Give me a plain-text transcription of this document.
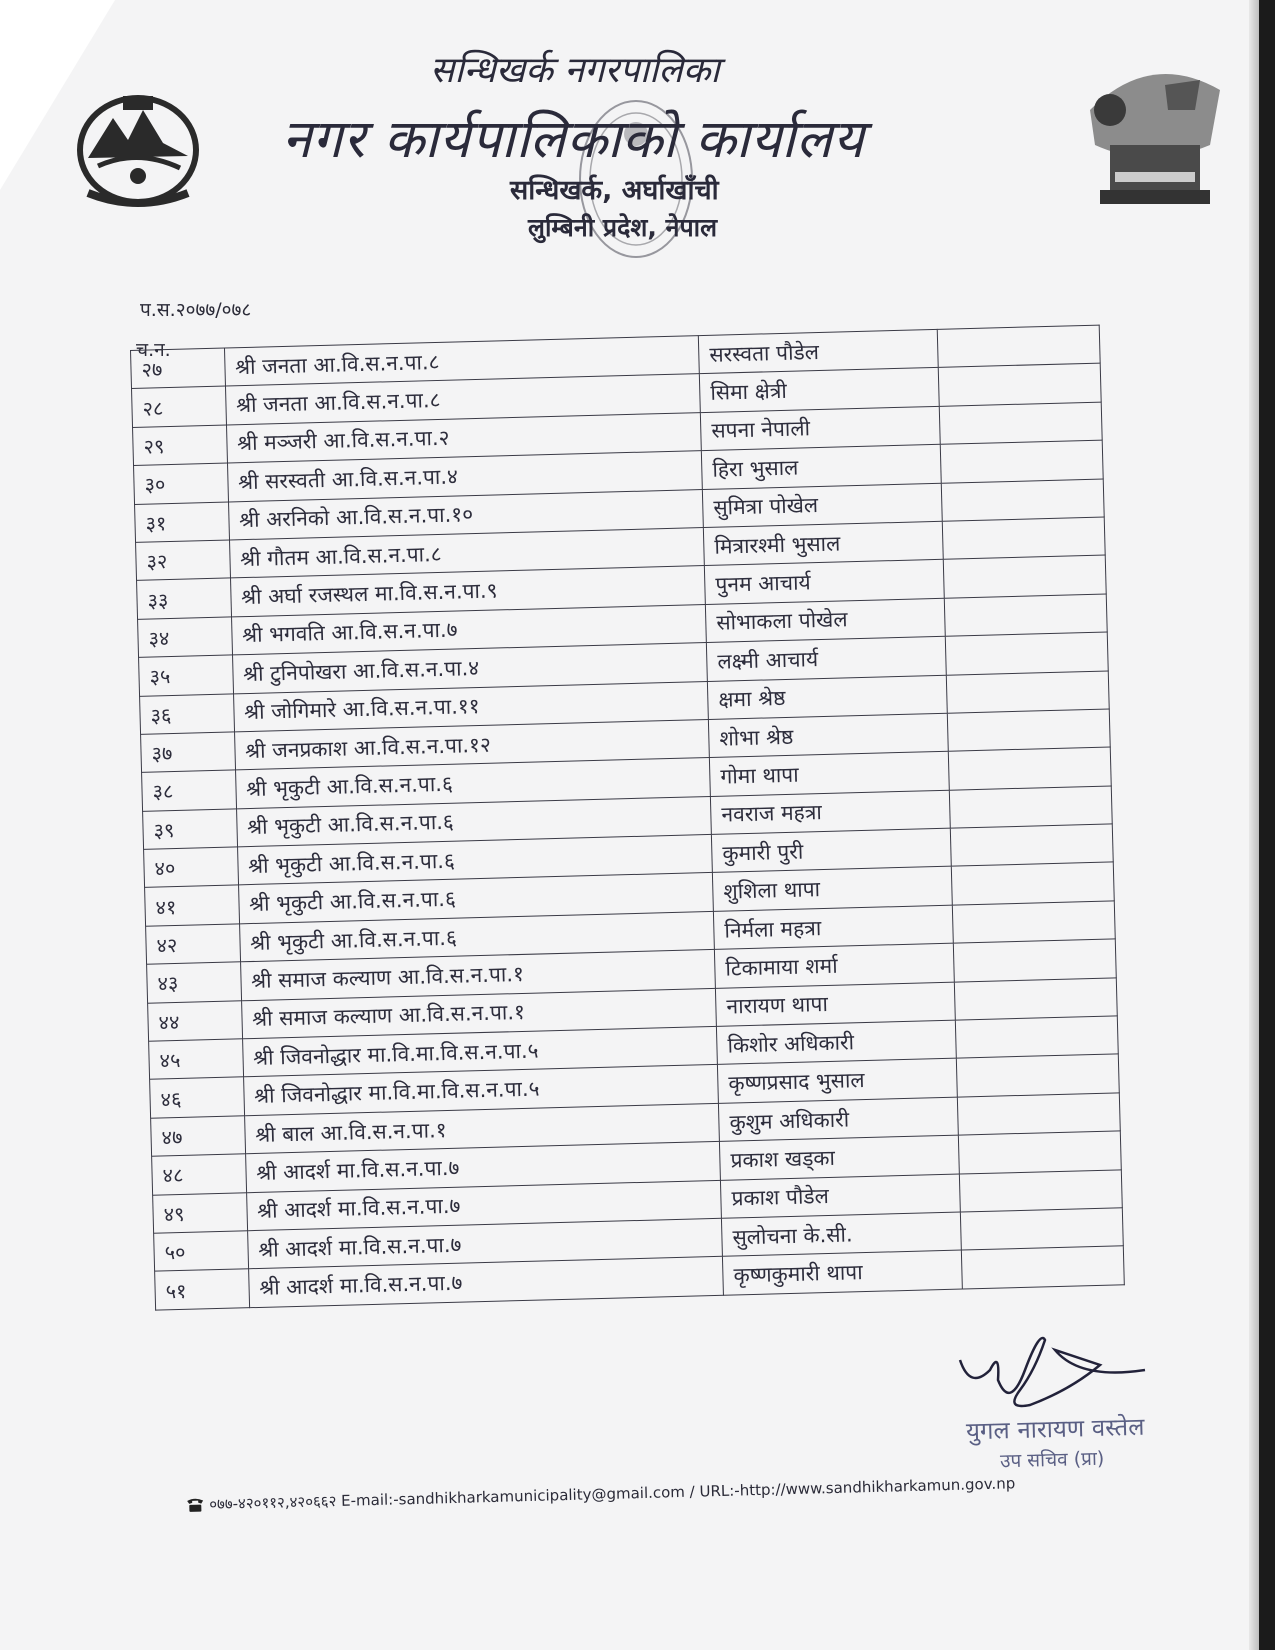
सन्धिखर्क नगरपालिका
नगर कार्यपालिकाको कार्यालय
सन्धिखर्क, अर्घाखाँची
लुम्बिनी प्रदेश, नेपाल
प.स.२०७७/०७८
च.न.
२७	श्री जनता आ.वि.स.न.पा.८	सरस्वता पौडेल	
२८	श्री जनता आ.वि.स.न.पा.८	सिमा क्षेत्री	
२९	श्री मञ्जरी आ.वि.स.न.पा.२	सपना नेपाली	
३०	श्री सरस्वती आ.वि.स.न.पा.४	हिरा भुसाल	
३१	श्री अरनिको आ.वि.स.न.पा.१०	सुमित्रा पोखेल	
३२	श्री गौतम आ.वि.स.न.पा.८	मित्रारश्मी भुसाल	
३३	श्री अर्घा रजस्थल मा.वि.स.न.पा.९	पुनम आचार्य	
३४	श्री भगवति आ.वि.स.न.पा.७	सोभाकला पोखेल	
३५	श्री टुनिपोखरा आ.वि.स.न.पा.४	लक्ष्मी आचार्य	
३६	श्री जोगिमारे आ.वि.स.न.पा.११	क्षमा श्रेष्ठ	
३७	श्री जनप्रकाश आ.वि.स.न.पा.१२	शोभा श्रेष्ठ	
३८	श्री भृकुटी आ.वि.स.न.पा.६	गोमा थापा	
३९	श्री भृकुटी आ.वि.स.न.पा.६	नवराज महत्रा	
४०	श्री भृकुटी आ.वि.स.न.पा.६	कुमारी पुरी	
४१	श्री भृकुटी आ.वि.स.न.पा.६	शुशिला थापा	
४२	श्री भृकुटी आ.वि.स.न.पा.६	निर्मला महत्रा	
४३	श्री समाज कल्याण आ.वि.स.न.पा.१	टिकामाया शर्मा	
४४	श्री समाज कल्याण आ.वि.स.न.पा.१	नारायण थापा	
४५	श्री जिवनोद्धार मा.वि.मा.वि.स.न.पा.५	किशोर अधिकारी	
४६	श्री जिवनोद्धार मा.वि.मा.वि.स.न.पा.५	कृष्णप्रसाद भुसाल	
४७	श्री बाल आ.वि.स.न.पा.१	कुशुम अधिकारी	
४८	श्री आदर्श मा.वि.स.न.पा.७	प्रकाश खड्का	
४९	श्री आदर्श मा.वि.स.न.पा.७	प्रकाश पौडेल	
५०	श्री आदर्श मा.वि.स.न.पा.७	सुलोचना के.सी.	
५१	श्री आदर्श मा.वि.स.न.पा.७	कृष्णकुमारी थापा	
युगल नारायण वस्तेल
उप सचिव (प्रा)
०७७-४२०११२,४२०६६२ E-mail:-sandhikharkamunicipality@gmail.com / URL:-http://www.sandhikharkamun.gov.np
